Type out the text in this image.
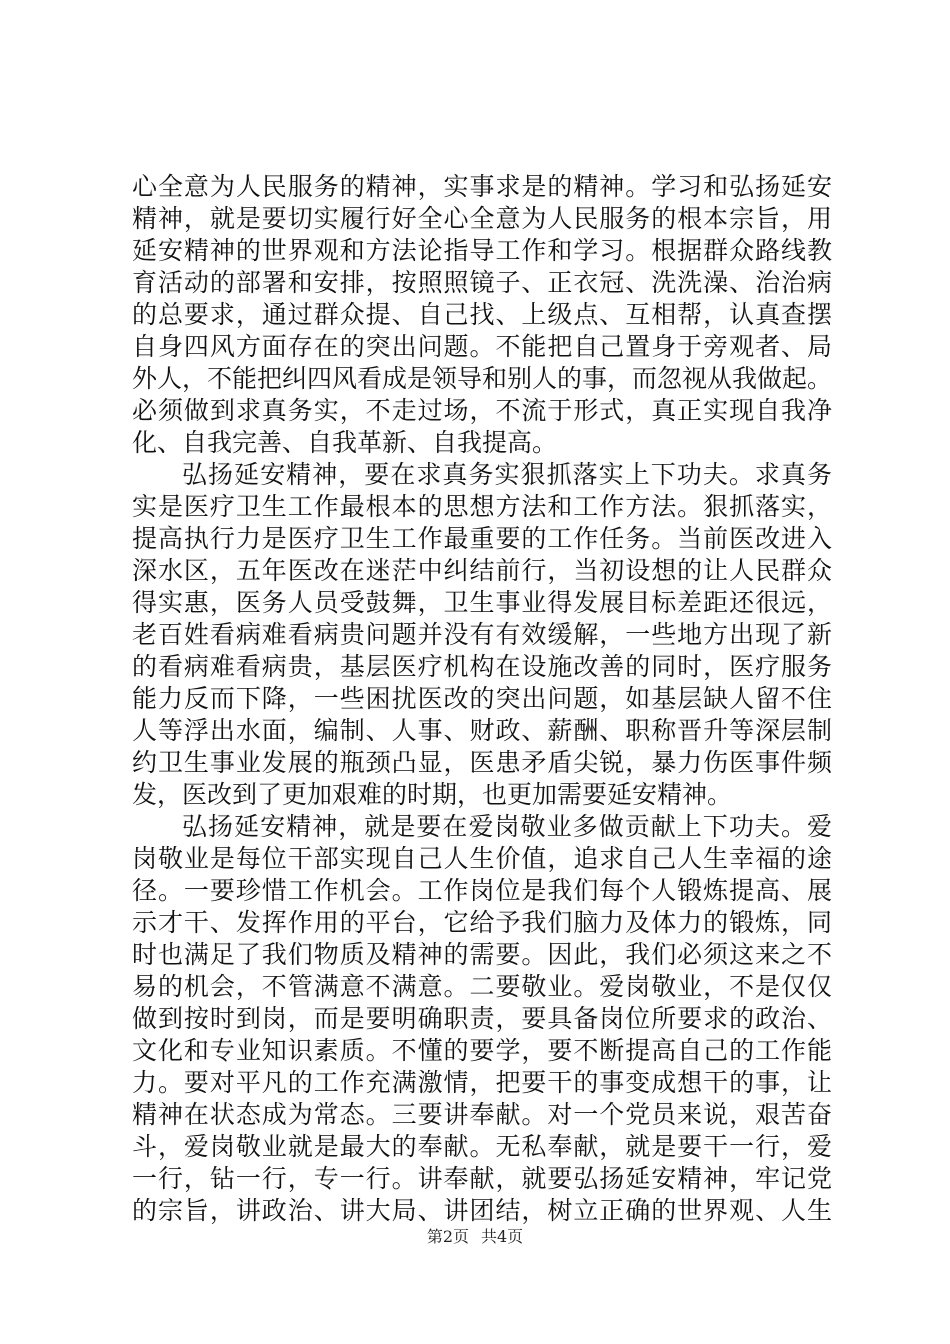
心全意为人民服务的精神，实事求是的精神。学习和弘扬延安
精神，就是要切实履行好全心全意为人民服务的根本宗旨，用
延安精神的世界观和方法论指导工作和学习。根据群众路线教
育活动的部署和安排，按照照镜子、正衣冠、洗洗澡、治治病
的总要求，通过群众提、自己找、上级点、互相帮，认真查摆
自身四风方面存在的突出问题。不能把自己置身于旁观者、局
外人，不能把纠四风看成是领导和别人的事，而忽视从我做起。
必须做到求真务实，不走过场，不流于形式，真正实现自我净
化、自我完善、自我革新、自我提高。
弘扬延安精神，要在求真务实狠抓落实上下功夫。求真务
实是医疗卫生工作最根本的思想方法和工作方法。狠抓落实，
提高执行力是医疗卫生工作最重要的工作任务。当前医改进入
深水区，五年医改在迷茫中纠结前行，当初设想的让人民群众
得实惠，医务人员受鼓舞，卫生事业得发展目标差距还很远，
老百姓看病难看病贵问题并没有有效缓解，一些地方出现了新
的看病难看病贵，基层医疗机构在设施改善的同时，医疗服务
能力反而下降，一些困扰医改的突出问题，如基层缺人留不住
人等浮出水面，编制、人事、财政、薪酬、职称晋升等深层制
约卫生事业发展的瓶颈凸显，医患矛盾尖锐，暴力伤医事件频
发，医改到了更加艰难的时期，也更加需要延安精神。
弘扬延安精神，就是要在爱岗敬业多做贡献上下功夫。爱
岗敬业是每位干部实现自己人生价值，追求自己人生幸福的途
径。一要珍惜工作机会。工作岗位是我们每个人锻炼提高、展
示才干、发挥作用的平台，它给予我们脑力及体力的锻炼，同
时也满足了我们物质及精神的需要。因此，我们必须这来之不
易的机会，不管满意不满意。二要敬业。爱岗敬业，不是仅仅
做到按时到岗，而是要明确职责，要具备岗位所要求的政治、
文化和专业知识素质。不懂的要学，要不断提高自己的工作能
力。要对平凡的工作充满激情，把要干的事变成想干的事，让
精神在状态成为常态。三要讲奉献。对一个党员来说，艰苦奋
斗，爱岗敬业就是最大的奉献。无私奉献，就是要干一行，爱
一行，钻一行，专一行。讲奉献，就要弘扬延安精神，牢记党
的宗旨，讲政治、讲大局、讲团结，树立正确的世界观、人生
第2页 共4页
